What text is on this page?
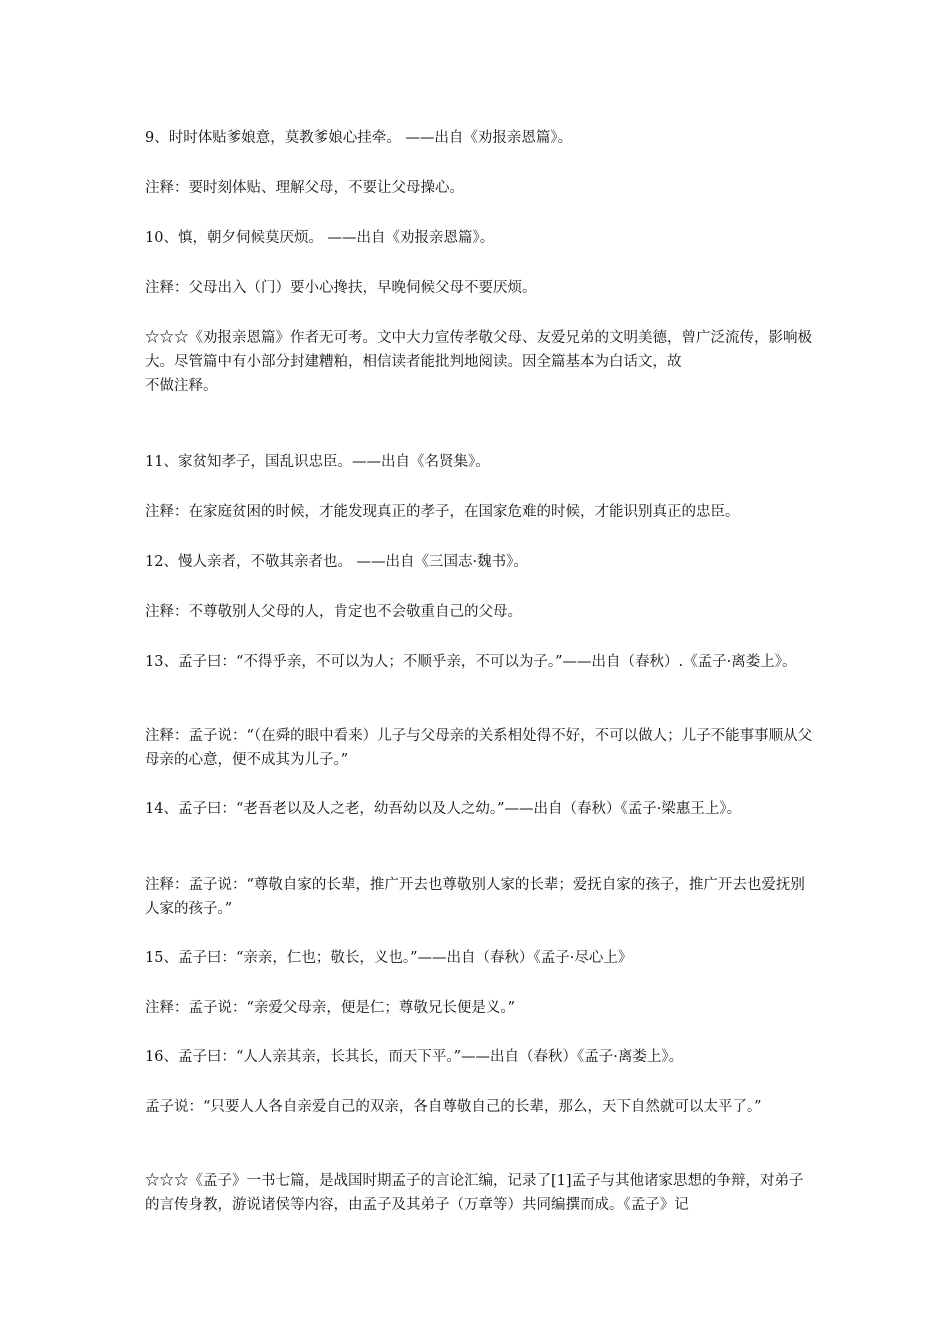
9、时时体贴爹娘意，莫教爹娘心挂牵。 ——出自《劝报亲恩篇》。

注释：要时刻体贴、理解父母，不要让父母操心。

10、慎，朝夕伺候莫厌烦。 ——出自《劝报亲恩篇》。

注释：父母出入（门）要小心搀扶，早晚伺候父母不要厌烦。

☆☆☆《劝报亲恩篇》作者无可考。文中大力宣传孝敬父母、友爱兄弟的文明美德，曾广泛流传，影响极大。尽管篇中有小部分封建糟粕，相信读者能批判地阅读。因全篇基本为白话文，故
不做注释。

11、家贫知孝子，国乱识忠臣。——出自《名贤集》。

注释：在家庭贫困的时候，才能发现真正的孝子，在国家危难的时候，才能识别真正的忠臣。

12、慢人亲者，不敬其亲者也。 ——出自《三国志·魏书》。

注释：不尊敬别人父母的人，肯定也不会敬重自己的父母。

13、孟子曰：“不得乎亲，不可以为人；不顺乎亲，不可以为子。”——出自（春秋）.《孟子·离娄上》。

注释：孟子说：“（在舜的眼中看来）儿子与父母亲的关系相处得不好，不可以做人；儿子不能事事顺从父母亲的心意，便不成其为儿子。”

14、孟子曰：“老吾老以及人之老，幼吾幼以及人之幼。”——出自（春秋）《孟子·梁惠王上》。

注释：孟子说：“尊敬自家的长辈，推广开去也尊敬别人家的长辈；爱抚自家的孩子，推广开去也爱抚别人家的孩子。”

15、孟子曰：“亲亲，仁也；敬长，义也。”——出自（春秋）《孟子·尽心上》

注释：孟子说：“亲爱父母亲，便是仁；尊敬兄长便是义。”

16、孟子曰：“人人亲其亲，长其长，而天下平。”——出自（春秋）《孟子·离娄上》。

孟子说：“只要人人各自亲爱自己的双亲，各自尊敬自己的长辈，那么，天下自然就可以太平了。”

☆☆☆《孟子》一书七篇，是战国时期孟子的言论汇编，记录了[1]孟子与其他诸家思想的争辩，对弟子的言传身教，游说诸侯等内容，由孟子及其弟子（万章等）共同编撰而成。《孟子》记
